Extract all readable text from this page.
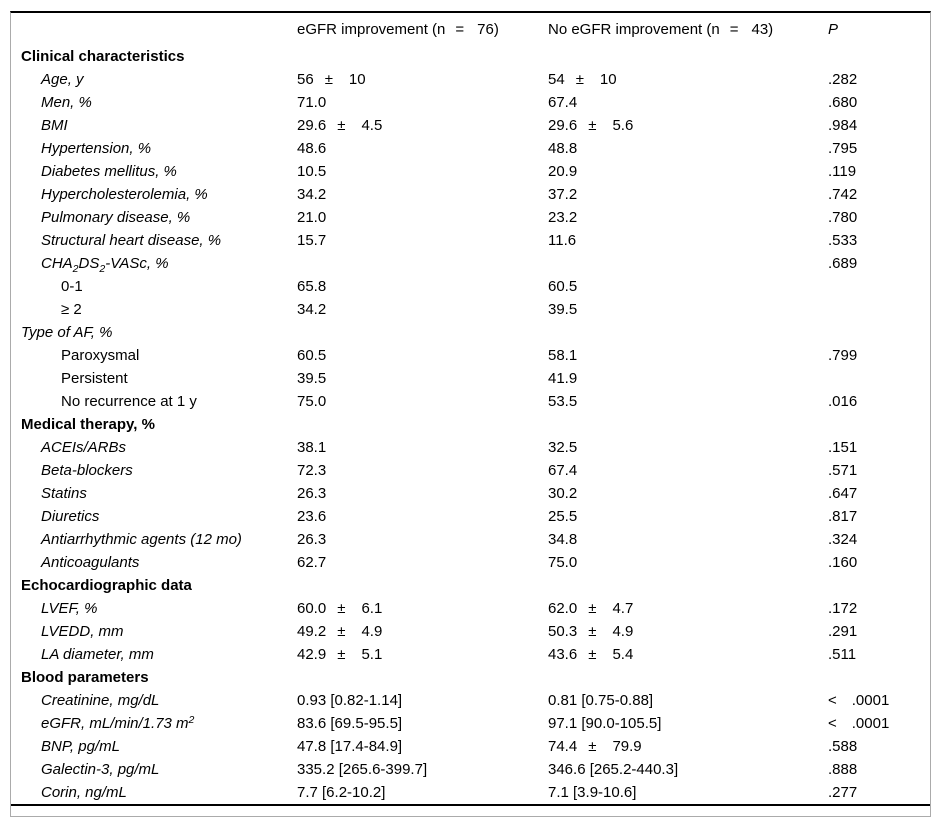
	eGFR improvement (n = 76)	No eGFR improvement (n = 43)	P
Clinical characteristics			
Age, y	56 ± 10	54 ± 10	.282
Men, %	71.0	67.4	.680
BMI	29.6 ± 4.5	29.6 ± 5.6	.984
Hypertension, %	48.6	48.8	.795
Diabetes mellitus, %	10.5	20.9	.119
Hypercholesterolemia, %	34.2	37.2	.742
Pulmonary disease, %	21.0	23.2	.780
Structural heart disease, %	15.7	11.6	.533
$CHA_2DS_2$-VASc, %			.689
0-1	65.8	60.5	
≥ 2	34.2	39.5	
Type of AF, %			
Paroxysmal	60.5	58.1	.799
Persistent	39.5	41.9	
No recurrence at 1 y	75.0	53.5	.016
Medical therapy, %			
ACEIs/ARBs	38.1	32.5	.151
Beta-blockers	72.3	67.4	.571
Statins	26.3	30.2	.647
Diuretics	23.6	25.5	.817
Antiarrhythmic agents (12 mo)	26.3	34.8	.324
Anticoagulants	62.7	75.0	.160
Echocardiographic data			
LVEF, %	60.0 ± 6.1	62.0 ± 4.7	.172
LVEDD, mm	49.2 ± 4.9	50.3 ± 4.9	.291
LA diameter, mm	42.9 ± 5.1	43.6 ± 5.4	.511
Blood parameters			
Creatinine, mg/dL	0.93 [0.82-1.14]	0.81 [0.75-0.88]	< .0001
eGFR, mL/min/1.73 $m^2$	83.6 [69.5-95.5]	97.1 [90.0-105.5]	< .0001
BNP, pg/mL	47.8 [17.4-84.9]	74.4 ± 79.9	.588
Galectin-3, pg/mL	335.2 [265.6-399.7]	346.6 [265.2-440.3]	.888
Corin, ng/mL	7.7 [6.2-10.2]	7.1 [3.9-10.6]	.277
